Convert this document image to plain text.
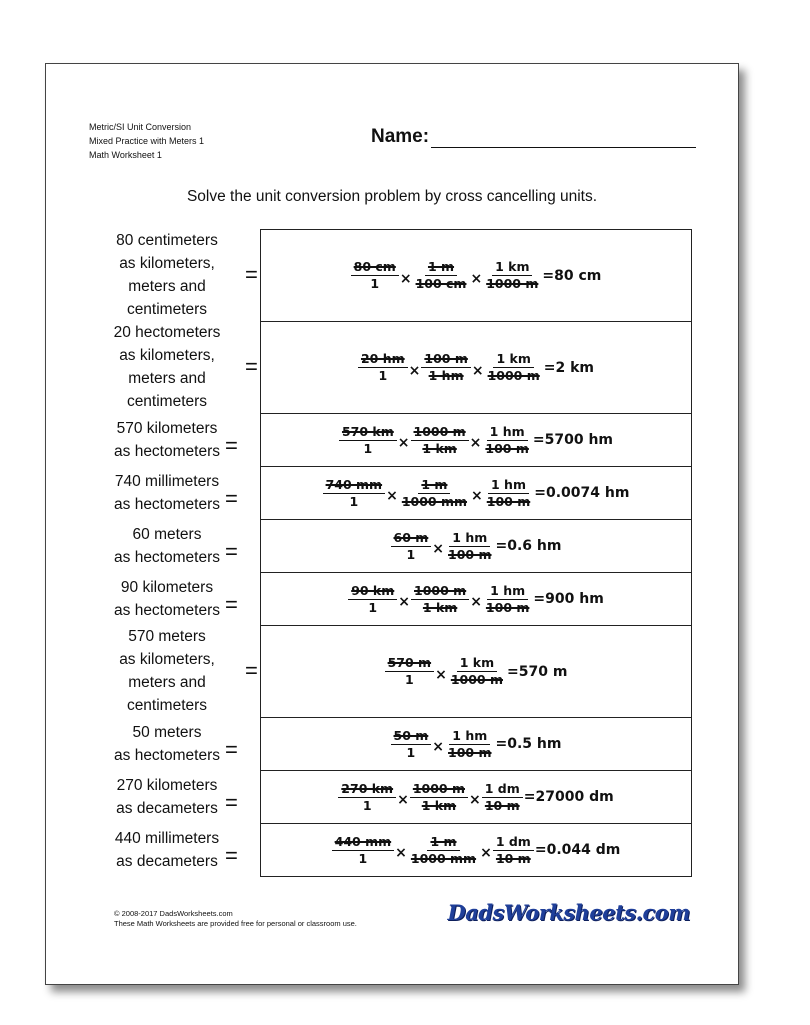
Metric/SI Unit Conversion
Mixed Practice with Meters 1
Math Worksheet 1
Name:
Solve the unit conversion problem by cross cancelling units.
80 centimeters
as kilometers,
meters and
centimeters
=	$\frac{80 cm}{1} \times \frac{1 m}{100 cm} \times \frac{1 km}{1000 m} =80$ cm
20 hectometers
as kilometers,
meters and
centimeters
=	$\frac{20 hm}{1} \times \frac{100 m}{1 hm} \times \frac{1 km}{1000 m} =2$ km
570 kilometers
as hectometers =	$\frac{570 km}{1} \times \frac{1000 m}{1 km} \times \frac{1 hm}{100 m} =5700$ hm
740 millimeters
as hectometers =	$\frac{740 mm}{1} \times \frac{1 m}{1000 mm} \times \frac{1 hm}{100 m} =0.0074$ hm
60 meters
as hectometers =	$\frac{60 m}{1} \times \frac{1 hm}{100 m} =0.6$ hm
90 kilometers
as hectometers =	$\frac{90 km}{1} \times \frac{1000 m}{1 km} \times \frac{1 hm}{100 m} =900$ hm
570 meters
as kilometers,
meters and
centimeters
=	$\frac{570 m}{1} \times \frac{1 km}{1000 m} =570$ m
50 meters
as hectometers =	$\frac{50 m}{1} \times \frac{1 hm}{100 m} =0.5$ hm
270 kilometers
as decameters =	$\frac{270 km}{1} \times \frac{1000 m}{1 km} \times \frac{1 dm}{10 m} =27000$ dm
440 millimeters
as decameters =	$\frac{440 mm}{1} \times \frac{1 m}{1000 mm} \times \frac{1 dm}{10 m} =0.044$ dm
© 2008-2017 DadsWorksheets.com
These Math Worksheets are provided free for personal or classroom use.	DadsWorksheets.com
